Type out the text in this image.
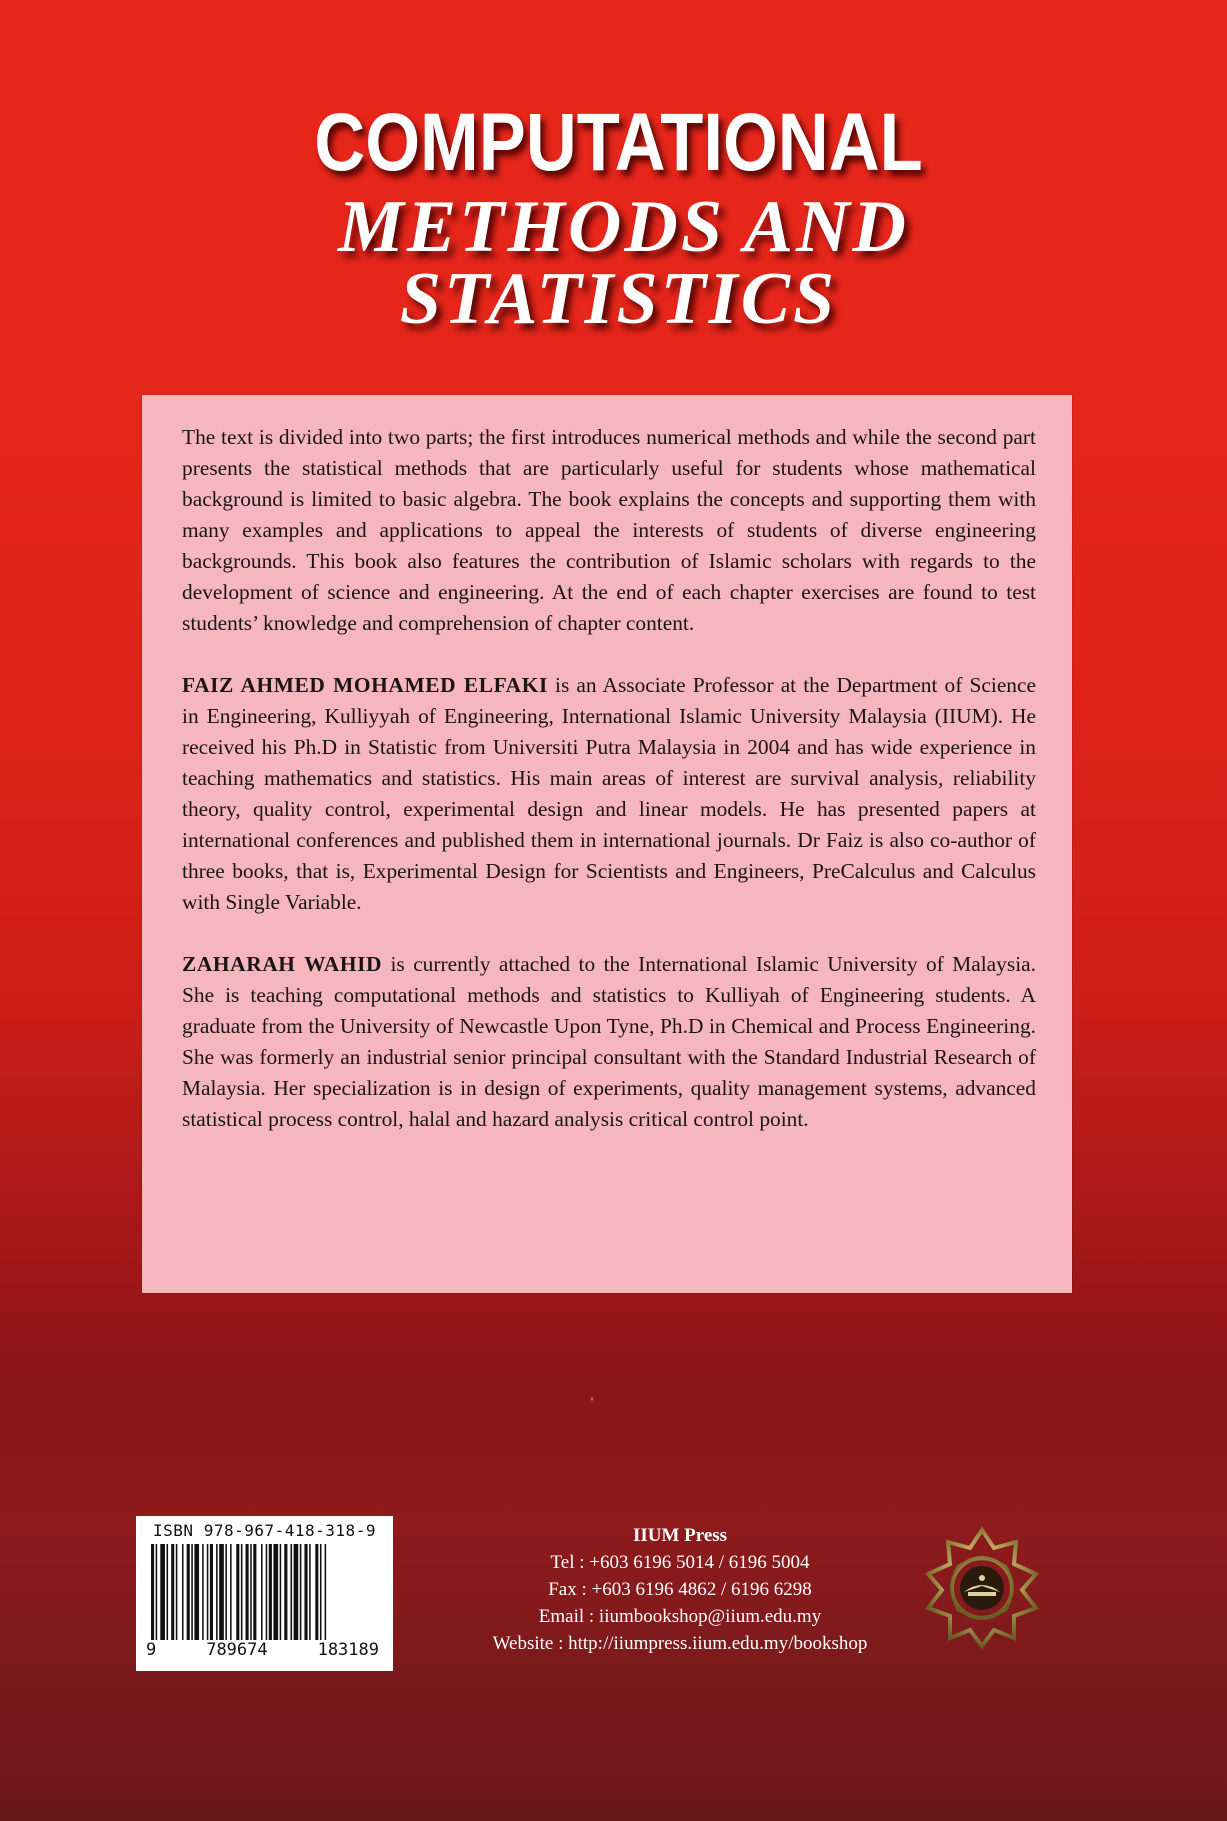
COMPUTATIONAL
METHODS AND
STATISTICS

The text is divided into two parts; the first introduces numerical methods and while the second part presents the statistical methods that are particularly useful for students whose mathematical background is limited to basic algebra. The book explains the concepts and supporting them with many examples and applications to appeal the interests of students of diverse engineering backgrounds. This book also features the contribution of Islamic scholars with regards to the development of science and engineering. At the end of each chapter exercises are found to test students’ knowledge and comprehension of chapter content.

FAIZ AHMED MOHAMED ELFAKI is an Associate Professor at the Department of Science in Engineering, Kulliyyah of Engineering, International Islamic University Malaysia (IIUM). He received his Ph.D in Statistic from Universiti Putra Malaysia in 2004 and has wide experience in teaching mathematics and statistics. His main areas of interest are survival analysis, reliability theory, quality control, experimental design and linear models. He has presented papers at international conferences and published them in international journals. Dr Faiz is also co-author of three books, that is, Experimental Design for Scientists and Engineers, PreCalculus and Calculus with Single Variable.

ZAHARAH WAHID is currently attached to the International Islamic University of Malaysia. She is teaching computational methods and statistics to Kulliyah of Engineering students. A graduate from the University of Newcastle Upon Tyne, Ph.D in Chemical and Process Engineering. She was formerly an industrial senior principal consultant with the Standard Industrial Research of Malaysia. Her specialization is in design of experiments, quality management systems, advanced statistical process control, halal and hazard analysis critical control point.

ˈ
ISBN 978-967-418-318-9
9	789674	183189
IIUM Press
Tel : +603 6196 5014 / 6196 5004
Fax : +603 6196 4862 / 6196 6298
Email : iiumbookshop@iium.edu.my
Website : http://iiumpress.iium.edu.my/bookshop
